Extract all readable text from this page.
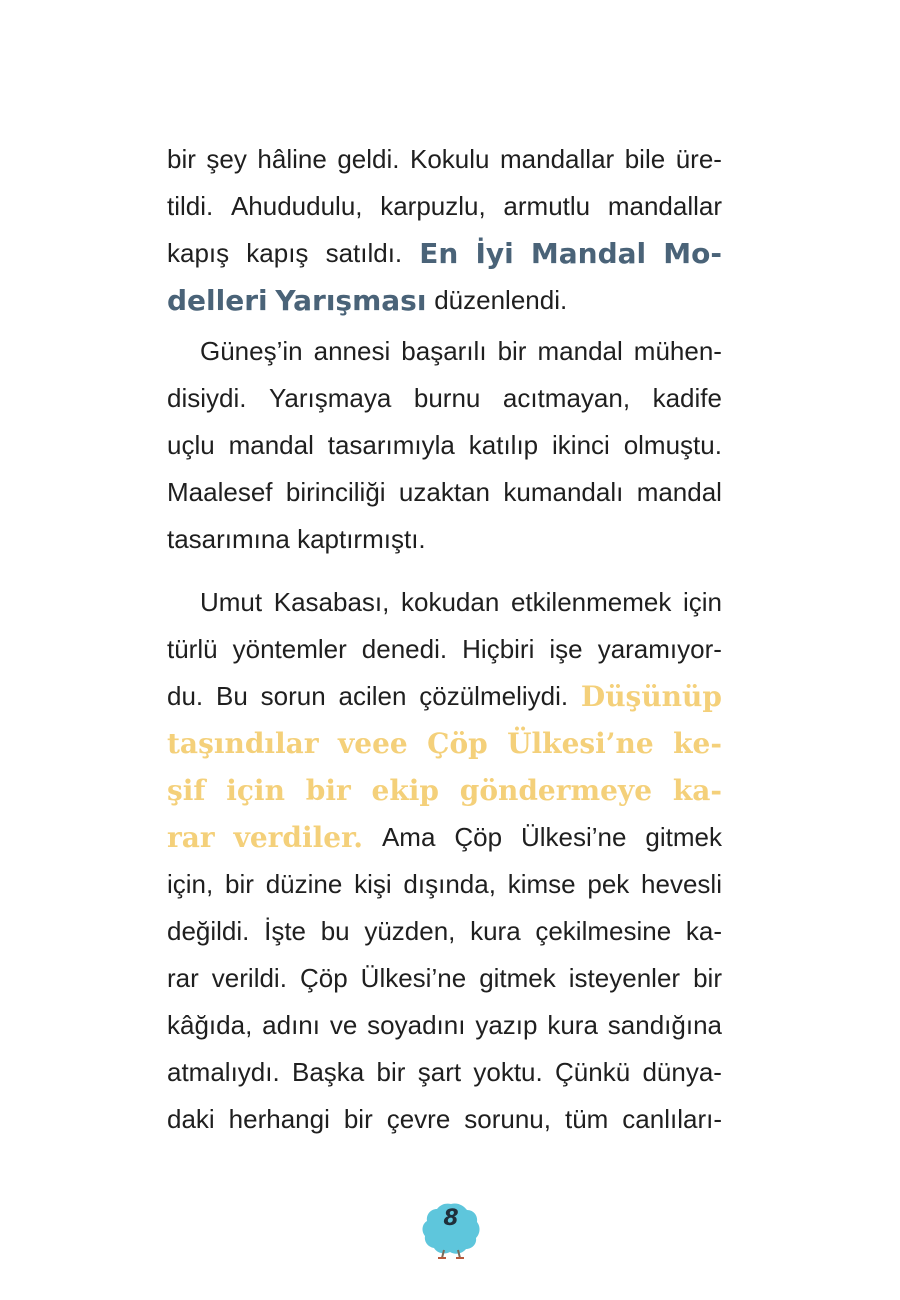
bir şey hâline geldi. Kokulu mandallar bile üre-
tildi. Ahududulu, karpuzlu, armutlu mandallar
kapış kapış satıldı. En İyi Mandal Mo-
delleri
Yarışması
düzenlendi.
Güneş’in annesi başarılı bir mandal mühen-
disiydi. Yarışmaya burnu acıtmayan, kadife
uçlu mandal tasarımıyla katılıp ikinci olmuştu.
Maalesef birinciliği uzaktan kumandalı mandal
tasarımına
kaptırmıştı.
Umut Kasabası, kokudan etkilenmemek için
türlü yöntemler denedi. Hiçbiri işe yaramıyor-
du. Bu sorun acilen çözülmeliydi. Düşünüp
taşındılar veee Çöp Ülkesi’ne ke-
şif için bir ekip göndermeye ka-
rar verdiler. Ama Çöp Ülkesi’ne gitmek
için, bir düzine kişi dışında, kimse pek hevesli
değildi. İşte bu yüzden, kura çekilmesine ka-
rar verildi. Çöp Ülkesi’ne gitmek isteyenler bir
kâğıda, adını ve soyadını yazıp kura sandığına
atmalıydı. Başka bir şart yoktu. Çünkü dünya-
daki herhangi bir çevre sorunu, tüm canlıları-
8
